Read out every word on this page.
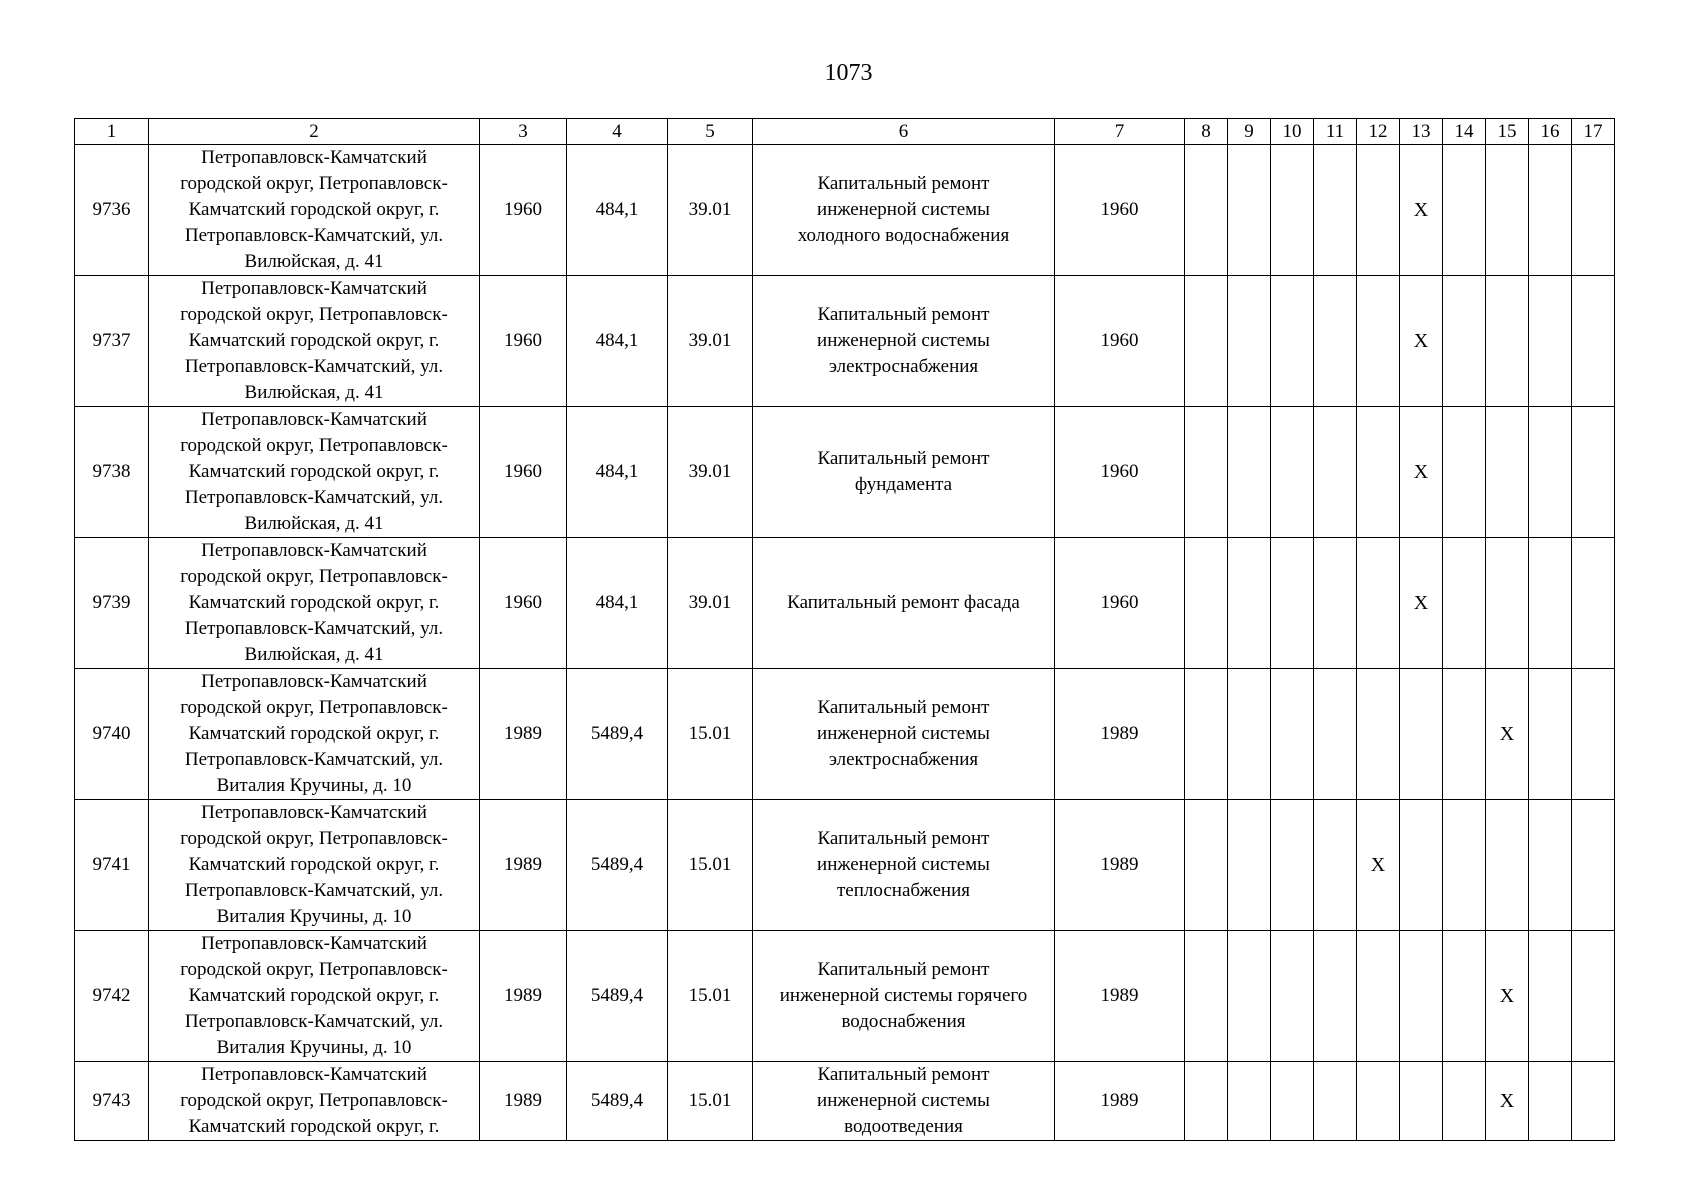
1073
1	2	3	4	5	6	7	8	9	10	11	12	13	14	15	16	17
9736	Петропавловск-Камчатский
городской округ, Петропавловск-
Камчатский городской округ, г.
Петропавловск-Камчатский, ул.
Вилюйская, д. 41	1960	484,1	39.01	Капитальный ремонт
инженерной системы
холодного водоснабжения	1960						X				
9737	Петропавловск-Камчатский
городской округ, Петропавловск-
Камчатский городской округ, г.
Петропавловск-Камчатский, ул.
Вилюйская, д. 41	1960	484,1	39.01	Капитальный ремонт
инженерной системы
электроснабжения	1960						X				
9738	Петропавловск-Камчатский
городской округ, Петропавловск-
Камчатский городской округ, г.
Петропавловск-Камчатский, ул.
Вилюйская, д. 41	1960	484,1	39.01	Капитальный ремонт
фундамента	1960						X				
9739	Петропавловск-Камчатский
городской округ, Петропавловск-
Камчатский городской округ, г.
Петропавловск-Камчатский, ул.
Вилюйская, д. 41	1960	484,1	39.01	Капитальный ремонт фасада	1960						X				
9740	Петропавловск-Камчатский
городской округ, Петропавловск-
Камчатский городской округ, г.
Петропавловск-Камчатский, ул.
Виталия Кручины, д. 10	1989	5489,4	15.01	Капитальный ремонт
инженерной системы
электроснабжения	1989								X		
9741	Петропавловск-Камчатский
городской округ, Петропавловск-
Камчатский городской округ, г.
Петропавловск-Камчатский, ул.
Виталия Кручины, д. 10	1989	5489,4	15.01	Капитальный ремонт
инженерной системы
теплоснабжения	1989					X					
9742	Петропавловск-Камчатский
городской округ, Петропавловск-
Камчатский городской округ, г.
Петропавловск-Камчатский, ул.
Виталия Кручины, д. 10	1989	5489,4	15.01	Капитальный ремонт
инженерной системы горячего
водоснабжения	1989								X		
9743	Петропавловск-Камчатский
городской округ, Петропавловск-
Камчатский городской округ, г.	1989	5489,4	15.01	Капитальный ремонт
инженерной системы
водоотведения	1989								X		
